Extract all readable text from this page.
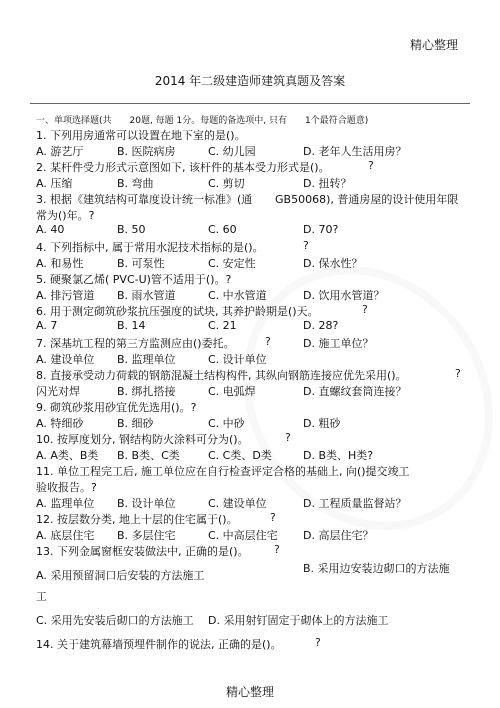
精心整理
2014 年二级建造师建筑真题及答案
一、单项选择题(共　　20题, 每题 1分。每题的备选项中, 只有　　1个最符合题意)
1. 下列用房通常可以设置在地下室的是()。
A. 游艺厅	B. 医院病房	C. 幼儿园	D. 老年人生活用房？
2. 某杆件受力形式示意图如下, 该杆件的基本受力形式是()。	?
A. 压缩	B. 弯曲	C. 剪切	D. 扭转？
3. 根据《建筑结构可靠度设计统一标准》(通 GB50068), 普通房屋的设计使用年限
常为()年。?
A. 40	B. 50	C. 60	D. 70?
4. 下列指标中, 属于常用水泥技术指标的是()。	?
A. 和易性	B. 可泵性	C. 安定性	D. 保水性？
5. 硬聚氯乙烯( PVC-U)管不适用于()。?
A. 排污管道 B. 雨水管道	C. 中水管道	D. 饮用水管道？
6. 用于测定砌筑砂浆抗压强度的试块, 其养护龄期是()天。	?
A. 7	B. 14	C. 21	D. 28?
7. 深基坑工程的第三方监测应由()委托。	?	D. 施工单位？
A. 建设单位 B. 监理单位	C. 设计单位
8. 直接承受动力荷载的钢筋混凝土结构构件, 其纵向钢筋连接应优先采用()。	?
闪光对焊	B. 绑扎搭接	C. 电弧焊	D. 直螺纹套筒连接？
9. 砌筑砂浆用砂宜优先选用()。?
A. 特细砂	B. 细砂	C. 中砂	D. 粗砂
10. 按厚度划分, 钢结构防火涂料可分为()。	?
A. A类、B类 B. B类、C类	C. C类、D类	D. B类、H类?
11. 单位工程完工后, 施工单位应在自行检查评定合格的基础上, 向()提交竣工
验收报告。?
A. 监理单位 B. 设计单位	C. 建设单位	D. 工程质量监督站？
12. 按层数分类, 地上十层的住宅属于()。	?
A. 底层住宅 B. 多层住宅	C. 中高层住宅 D. 高层住宅？
13. 下列金属窗框安装做法中, 正确的是()。 ?
B. 采用边安装边砌口的方法施
A. 采用预留洞口后安装的方法施工
工
C. 采用先安装后砌口的方法施工 D. 采用射钉固定于砌体上的方法施工
14. 关于建筑幕墙预埋件制作的说法, 正确的是()。	?
精心整理
